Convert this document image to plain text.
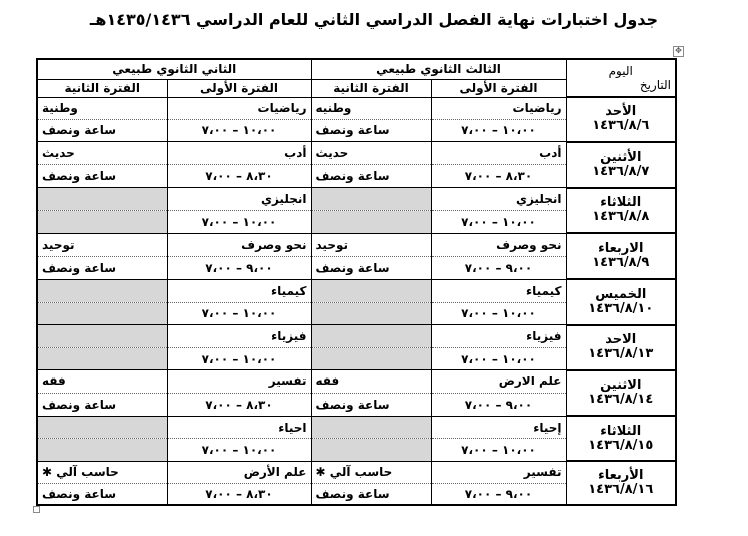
جدول اختبارات نهاية الفصل الدراسي الثاني للعام الدراسي ١٤٣٥/١٤٣٦هـ
✥
اليوم
التاريخ	الثالث الثانوي طبيعي		الثاني الثانوي طبيعي	
	الفترة الأولى	الفترة الثانية	الفترة الأولى	الفترة الثانية

الأحد
١٤٣٦/٨/٦	رياضيات	وطنيه	رياضيات	وطنية
	١٠،٠٠ – ٧،٠٠	ساعة ونصف	١٠،٠٠ – ٧،٠٠	ساعة ونصف

الأثنين
١٤٣٦/٨/٧	أدب	حديث	أدب	حديث
	٨،٣٠ – ٧،٠٠	ساعة ونصف	٨،٣٠ – ٧،٠٠	ساعة ونصف

الثلاثاء
١٤٣٦/٨/٨	انجليزي		انجليزي	
	١٠،٠٠ – ٧،٠٠		١٠،٠٠ – ٧،٠٠	

الاربعاء
١٤٣٦/٨/٩	نحو وصرف	توحيد	نحو وصرف	توحيد
	٩،٠٠ – ٧،٠٠	ساعة ونصف	٩،٠٠ – ٧،٠٠	ساعة ونصف

الخميس
١٤٣٦/٨/١٠	كيمياء		كيمياء	
	١٠،٠٠ – ٧،٠٠		١٠،٠٠ – ٧،٠٠	

الاحد
١٤٣٦/٨/١٣	فيزياء		فيزياء	
	١٠،٠٠ – ٧،٠٠		١٠،٠٠ – ٧،٠٠	

الاثنين
١٤٣٦/٨/١٤	علم الارض	فقه	تفسير	فقه
	٩،٠٠ – ٧،٠٠	ساعة ونصف	٨،٣٠ – ٧،٠٠	ساعة ونصف

الثلاثاء
١٤٣٦/٨/١٥	إحياء		احياء	
	١٠،٠٠ – ٧،٠٠		١٠،٠٠ – ٧،٠٠	

الأربعاء
١٤٣٦/٨/١٦	تفسير	حاسب آلي ✱	علم الأرض	حاسب آلي ✱
	٩،٠٠ – ٧،٠٠	ساعة ونصف	٨،٣٠ – ٧،٠٠	ساعة ونصف
